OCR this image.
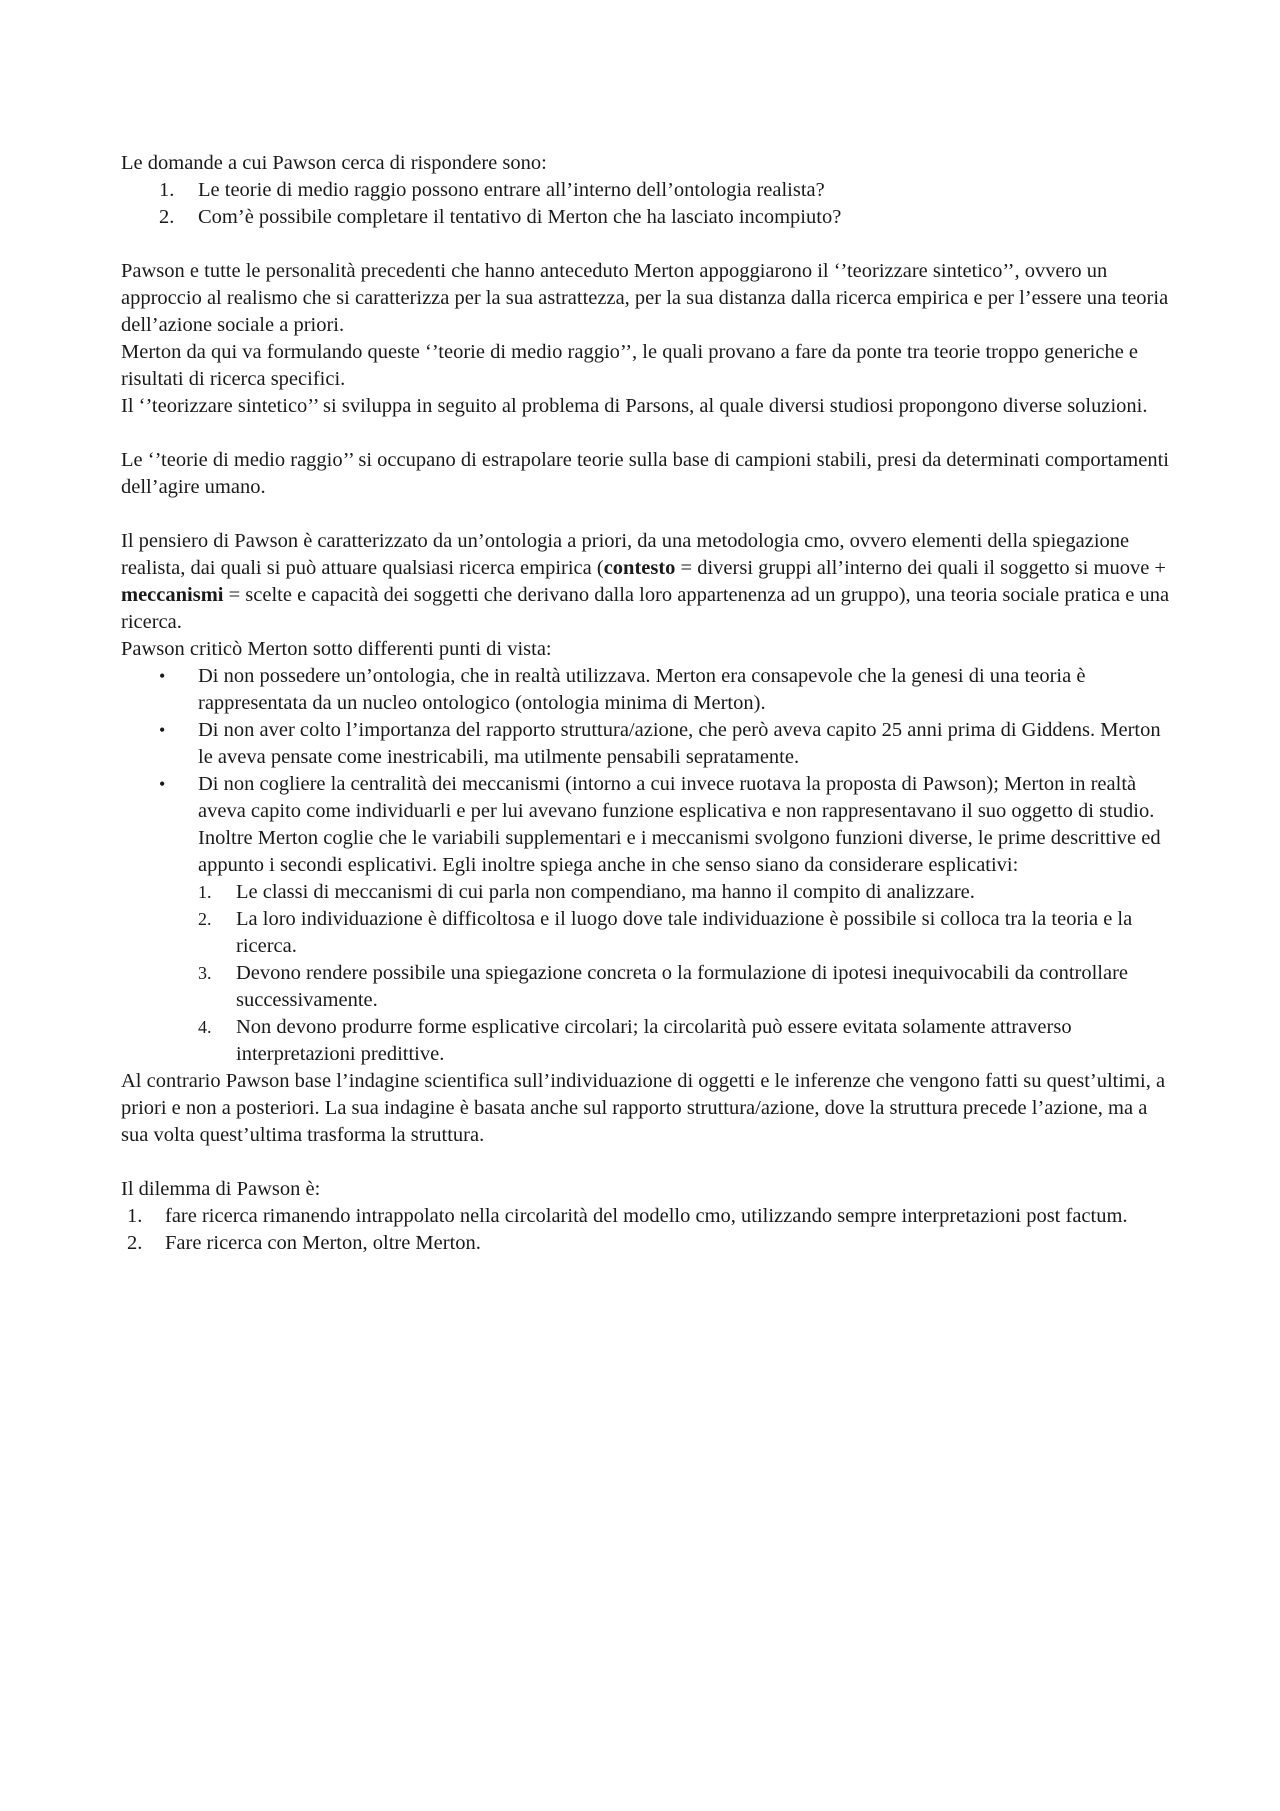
Le domande a cui Pawson cerca di rispondere sono:

1. Le teorie di medio raggio possono entrare all’interno dell’ontologia realista?
2. Com’è possibile completare il tentativo di Merton che ha lasciato incompiuto?

Pawson e tutte le personalità precedenti che hanno anteceduto Merton appoggiarono il ‘’teorizzare sintetico’’, ovvero un approccio al realismo che si caratterizza per la sua astrattezza, per la sua distanza dalla ricerca empirica e per l’essere una teoria dell’azione sociale a priori.

Merton da qui va formulando queste ‘’teorie di medio raggio’’, le quali provano a fare da ponte tra teorie troppo generiche e risultati di ricerca specifici.

Il ‘’teorizzare sintetico’’ si sviluppa in seguito al problema di Parsons, al quale diversi studiosi propongono diverse soluzioni.

Le ‘’teorie di medio raggio’’ si occupano di estrapolare teorie sulla base di campioni stabili, presi da determinati comportamenti dell’agire umano.

Il pensiero di Pawson è caratterizzato da un’ontologia a priori, da una metodologia cmo, ovvero elementi della spiegazione realista, dai quali si può attuare qualsiasi ricerca empirica (contesto = diversi gruppi all’interno dei quali il soggetto si muove + meccanismi = scelte e capacità dei soggetti che derivano dalla loro appartenenza ad un gruppo), una teoria sociale pratica e una ricerca.

Pawson criticò Merton sotto differenti punti di vista:

• Di non possedere un’ontologia, che in realtà utilizzava. Merton era consapevole che la genesi di una teoria è rappresentata da un nucleo ontologico (ontologia minima di Merton).
• Di non aver colto l’importanza del rapporto struttura/azione, che però aveva capito 25 anni prima di Giddens. Merton le aveva pensate come inestricabili, ma utilmente pensabili sepratamente.
• Di non cogliere la centralità dei meccanismi (intorno a cui invece ruotava la proposta di Pawson); Merton in realtà aveva capito come individuarli e per lui avevano funzione esplicativa e non rappresentavano il suo oggetto di studio. Inoltre Merton coglie che le variabili supplementari e i meccanismi svolgono funzioni diverse, le prime descrittive ed appunto i secondi esplicativi. Egli inoltre spiega anche in che senso siano da considerare esplicativi:
1. Le classi di meccanismi di cui parla non compendiano, ma hanno il compito di analizzare.
2. La loro individuazione è difficoltosa e il luogo dove tale individuazione è possibile si colloca tra la teoria e la ricerca.
3. Devono rendere possibile una spiegazione concreta o la formulazione di ipotesi inequivocabili da controllare successivamente.
4. Non devono produrre forme esplicative circolari; la circolarità può essere evitata solamente attraverso interpretazioni predittive.

Al contrario Pawson base l’indagine scientifica sull’individuazione di oggetti e le inferenze che vengono fatti su quest’ultimi, a priori e non a posteriori. La sua indagine è basata anche sul rapporto struttura/azione, dove la struttura precede l’azione, ma a sua volta quest’ultima trasforma la struttura.

Il dilemma di Pawson è:

1. fare ricerca rimanendo intrappolato nella circolarità del modello cmo, utilizzando sempre interpretazioni post factum.
2. Fare ricerca con Merton, oltre Merton.
